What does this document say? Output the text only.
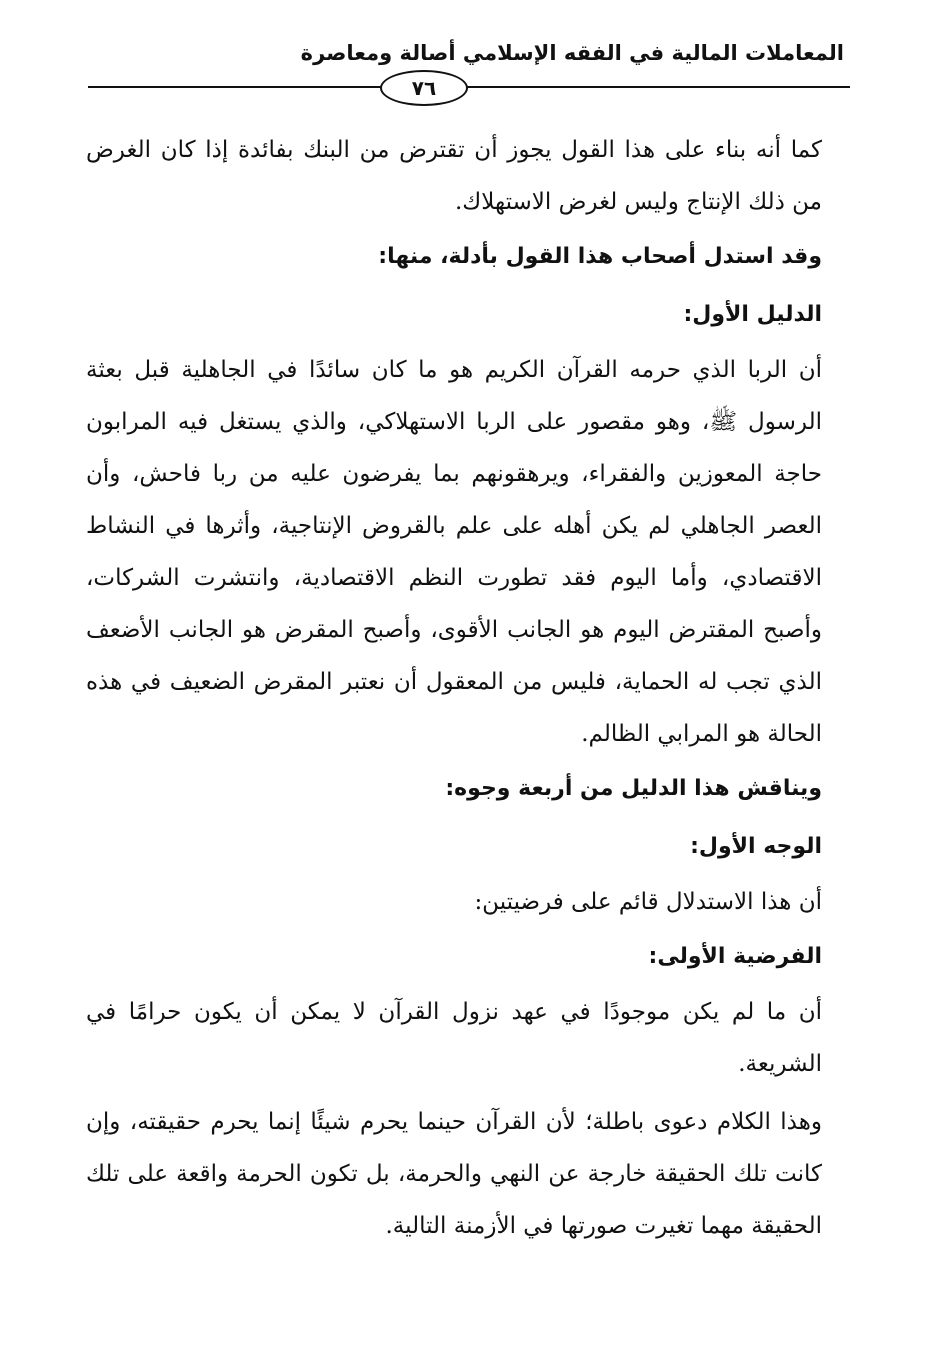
المعاملات المالية في الفقه الإسلامي أصالة ومعاصرة
٧٦

كما أنه بناء على هذا القول يجوز أن تقترض من البنك بفائدة إذا كان الغرض من ذلك الإنتاج وليس لغرض الاستهلاك.

وقد استدل أصحاب هذا القول بأدلة، منها:

الدليل الأول:

أن الربا الذي حرمه القرآن الكريم هو ما كان سائدًا في الجاهلية قبل بعثة الرسول ﷺ، وهو مقصور على الربا الاستهلاكي، والذي يستغل فيه المرابون حاجة المعوزين والفقراء، ويرهقونهم بما يفرضون عليه من ربا فاحش، وأن العصر الجاهلي لم يكن أهله على علم بالقروض الإنتاجية، وأثرها في النشاط الاقتصادي، وأما اليوم فقد تطورت النظم الاقتصادية، وانتشرت الشركات، وأصبح المقترض اليوم هو الجانب الأقوى، وأصبح المقرض هو الجانب الأضعف الذي تجب له الحماية، فليس من المعقول أن نعتبر المقرض الضعيف في هذه الحالة هو المرابي الظالم.

ويناقش هذا الدليل من أربعة وجوه:

الوجه الأول:

أن هذا الاستدلال قائم على فرضيتين:

الفرضية الأولى:

أن ما لم يكن موجودًا في عهد نزول القرآن لا يمكن أن يكون حرامًا في الشريعة.

وهذا الكلام دعوى باطلة؛ لأن القرآن حينما يحرم شيئًا إنما يحرم حقيقته، وإن كانت تلك الحقيقة خارجة عن النهي والحرمة، بل تكون الحرمة واقعة على تلك الحقيقة مهما تغيرت صورتها في الأزمنة التالية.
